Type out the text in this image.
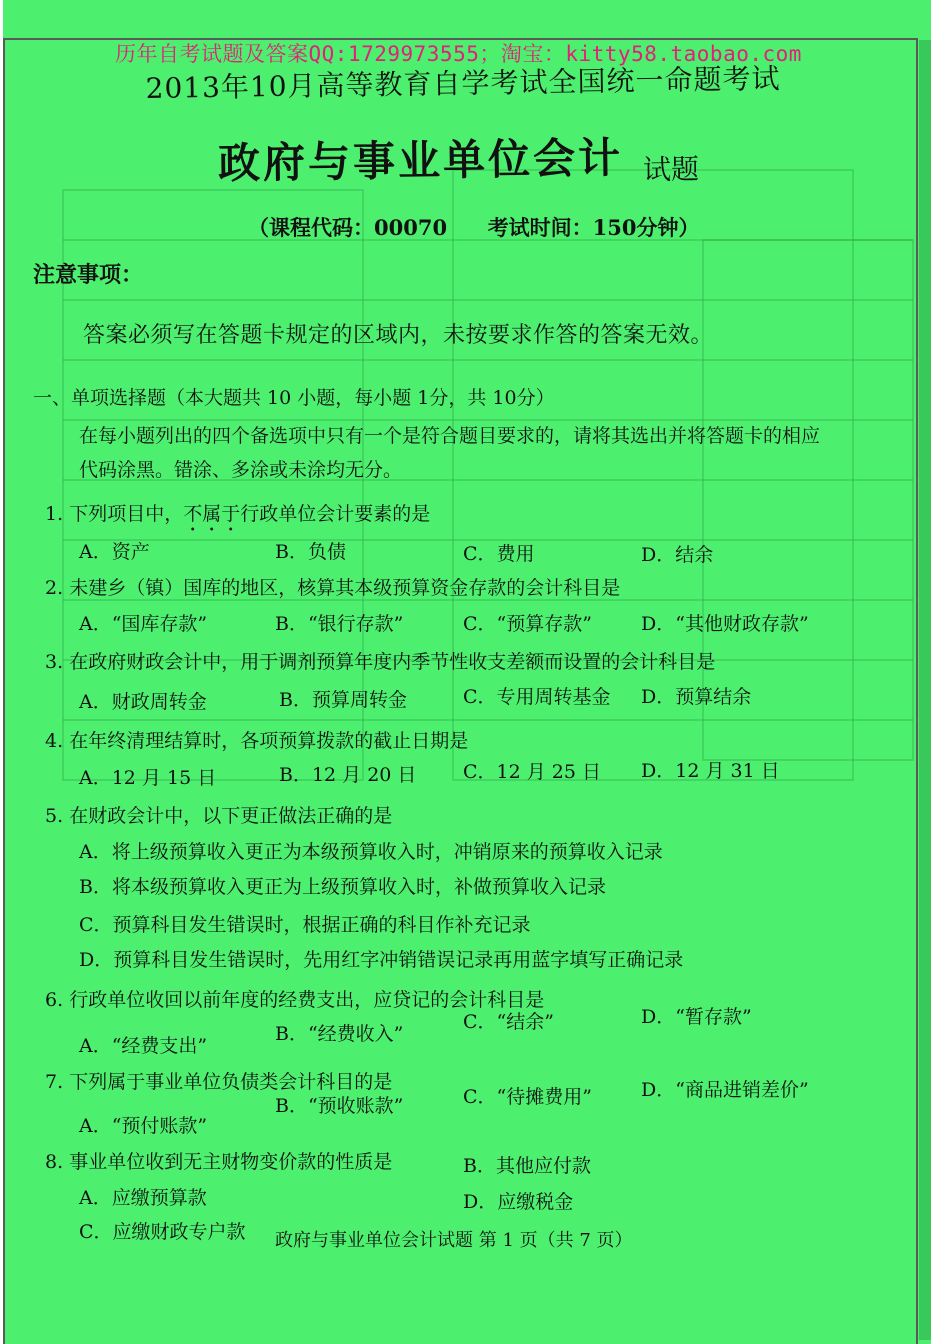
历年自考试题及答案QQ:1729973555；淘宝：kitty58.taobao.com
2013年10月高等教育自学考试全国统一命题考试
政府与事业单位会计 试题
（课程代码：00070 考试时间：150分钟）
注意事项：
答案必须写在答题卡规定的区域内，未按要求作答的答案无效。
一、单项选择题（本大题共 10 小题，每小题 1分，共 10分）
在每小题列出的四个备选项中只有一个是符合题目要求的，请将其选出并将答题卡的相应
代码涂黑。错涂、多涂或未涂均无分。
1. 下列项目中，不属于行政单位会计要素的是
A．资产	B．负债	C．费用	D．结余
2. 未建乡（镇）国库的地区，核算其本级预算资金存款的会计科目是
A．“国库存款”	B．“银行存款”	C．“预算存款”	D．“其他财政存款”
3. 在政府财政会计中，用于调剂预算年度内季节性收支差额而设置的会计科目是
A．财政周转金	B．预算周转金	C．专用周转基金 D．预算结余
4. 在年终清理结算时，各项预算拨款的截止日期是
A．12 月 15 日	B．12 月 20 日 C．12 月 25 日 D．12 月 31 日
5. 在财政会计中，以下更正做法正确的是
A．将上级预算收入更正为本级预算收入时，冲销原来的预算收入记录
B．将本级预算收入更正为上级预算收入时，补做预算收入记录
C．预算科目发生错误时，根据正确的科目作补充记录
D．预算科目发生错误时，先用红字冲销错误记录再用蓝字填写正确记录
6. 行政单位收回以前年度的经费支出，应贷记的会计科目是
A．“经费支出”
B．“经费收入”
C．“结余”	D．“暂存款”
7. 下列属于事业单位负债类会计科目的是
A．“预付账款”
B．“预收账款”	C．“待摊费用”	D．“商品进销差价”
8. 事业单位收到无主财物变价款的性质是
A．应缴预算款
B．其他应付款
C．应缴财政专户款
D．应缴税金
政府与事业单位会计试题 第 1 页（共 7 页）
